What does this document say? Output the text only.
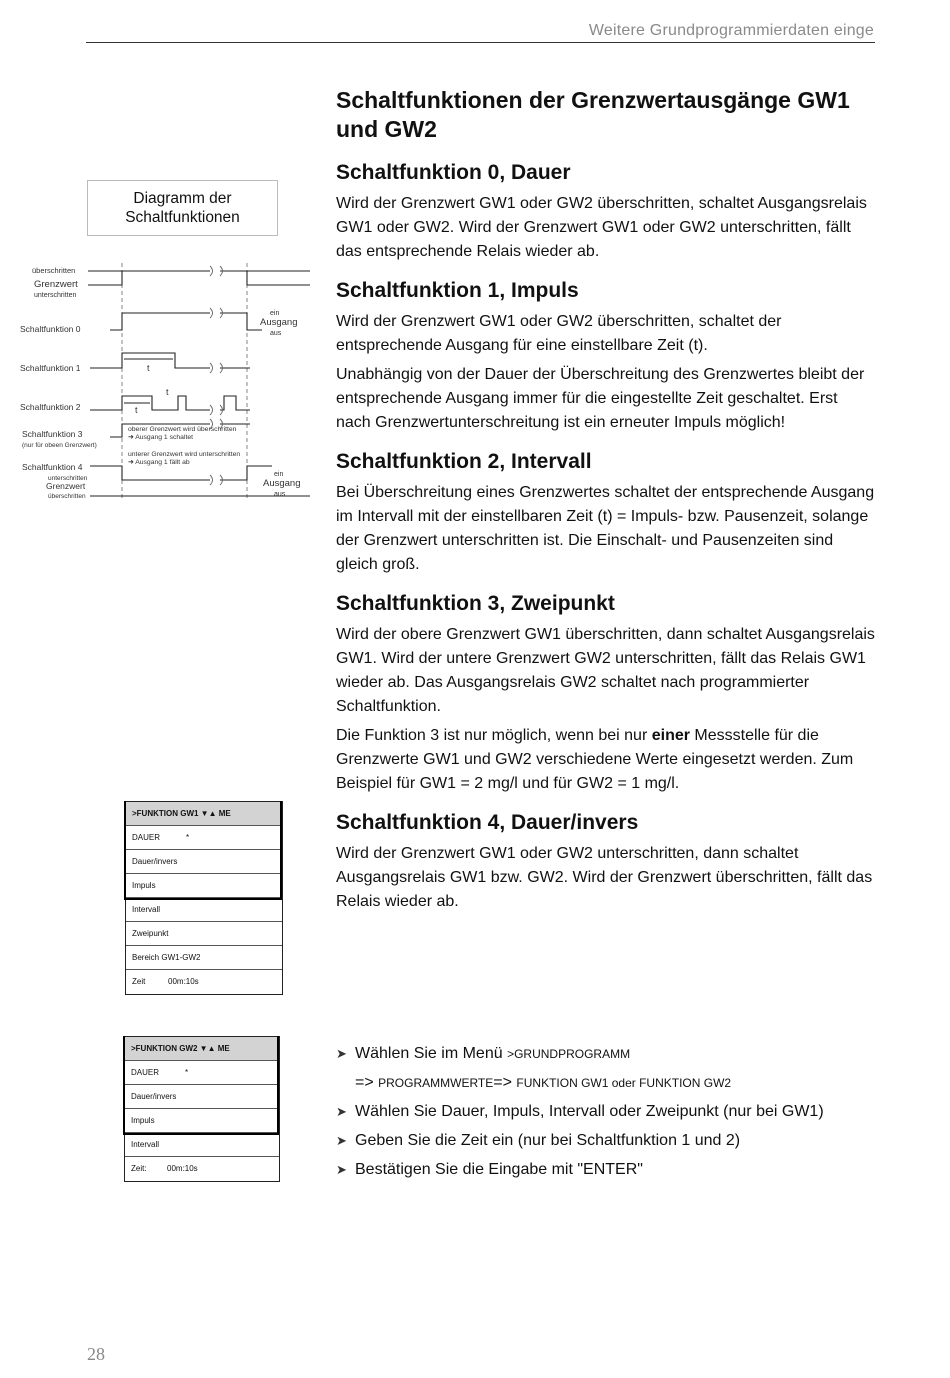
Weitere Grundprogrammierdaten einge
Schaltfunktionen der Grenzwertausgänge GW1 und GW2
Schaltfunktion 0, Dauer

Wird der Grenzwert GW1 oder GW2 überschritten, schaltet Ausgangsrelais GW1 oder GW2. Wird der Grenzwert GW1 oder GW2 unterschritten, fällt das entsprechende Relais wieder ab.

Schaltfunktion 1, Impuls

Wird der Grenzwert GW1 oder GW2 überschritten, schaltet der entsprechende Ausgang für eine einstellbare Zeit (t).

Unabhängig von der Dauer der Überschreitung des Grenzwertes bleibt der entsprechende Ausgang immer für die eingestellte Zeit geschaltet. Erst nach Grenzwertunterschreitung ist ein erneuter Impuls möglich!

Schaltfunktion 2, Intervall

Bei Überschreitung eines Grenzwertes schaltet der entsprechende Ausgang im Intervall mit der einstellbaren Zeit (t) = Impuls- bzw. Pausenzeit, solange der Grenzwert unterschritten ist. Die Einschalt- und Pausenzeiten sind gleich groß.

Schaltfunktion 3, Zweipunkt

Wird der obere Grenzwert GW1 überschritten, dann schaltet Ausgangsrelais GW1. Wird der untere Grenzwert GW2 unterschritten, fällt das Relais GW1 wieder ab. Das Ausgangsrelais GW2 schaltet nach programmierter Schaltfunktion.

Die Funktion 3 ist nur möglich, wenn bei nur einer Messstelle für die Grenzwerte GW1 und GW2 verschiedene Werte eingesetzt werden. Zum Beispiel für GW1 = 2 mg/l und für GW2 = 1 mg/l.

Schaltfunktion 4, Dauer/invers

Wird der Grenzwert GW1 oder GW2 unterschritten, dann schaltet Ausgangsrelais GW1 bzw. GW2. Wird der Grenzwert überschritten, fällt das Relais wieder ab.

Diagramm der Schaltfunktionen
überschritten
Grenzwert
unterschritten
Schaltfunktion 0
ein
Ausgang
aus
Schaltfunktion 1	t
Schaltfunktion 2	t
t
Schaltfunktion 3
(nur für obeen Grenzwert)
oberer Grenzwert wird überschritten
➜ Ausgang 1 schaltet
unterer Grenzwert wird unterschritten
➜ Ausgang 1 fällt ab
Schaltfunktion 4
unterschritten
Grenzwert
überschritten
ein
Ausgang
aus
>FUNKTION GW1 ▼▲ ME
DAUER	*
Dauer/invers
Impuls
Intervall
Zweipunkt
Bereich GW1-GW2
Zeit	00m:10s
>FUNKTION GW2 ▼▲ ME
DAUER	*
Dauer/invers
Impuls
Intervall
Zeit:	00m:10s
➤ Wählen Sie im Menü >GRUNDPROGRAMM
=> PROGRAMMWERTE=> FUNKTION GW1 oder FUNKTION GW2
➤ Wählen Sie Dauer, Impuls, Intervall oder Zweipunkt (nur bei GW1)
➤ Geben Sie die Zeit ein (nur bei Schaltfunktion 1 und 2)
➤ Bestätigen Sie die Eingabe mit "ENTER"
28
